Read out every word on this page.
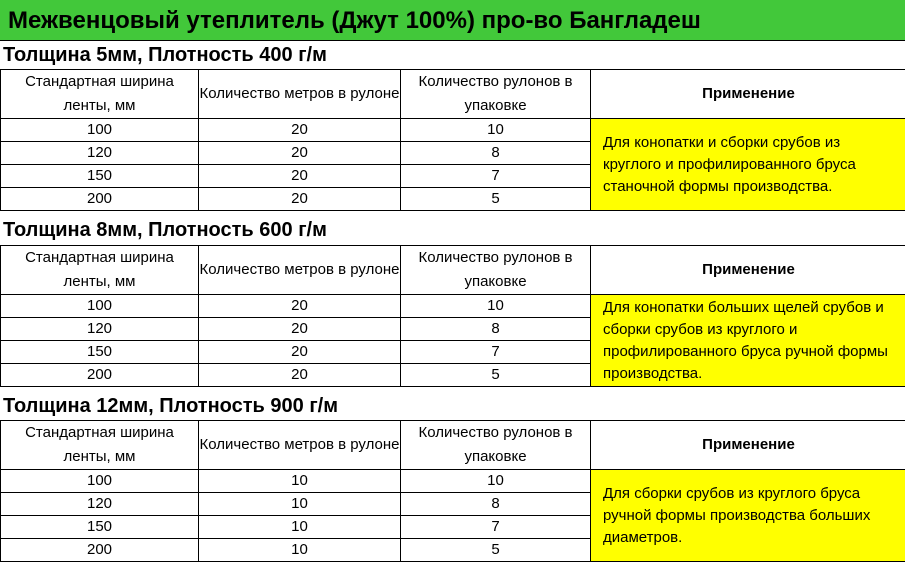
Межвенцовый утеплитель (Джут 100%) про-во Бангладеш
Толщина 5мм, Плотность 400 г/м
Стандартная ширина ленты, мм	Количество метров в рулоне	Количество рулонов в упаковке	Применение
100	20	10	Для конопатки и сборки срубов из круглого и профилированного бруса станочной формы производства.
120	20	8	
150	20	7	
200	20	5	
Толщина 8мм, Плотность 600 г/м
Стандартная ширина ленты, мм	Количество метров в рулоне	Количество рулонов в упаковке	Применение
100	20	10	Для конопатки больших щелей срубов и сборки срубов из круглого и профилированного бруса ручной формы производства.
120	20	8	
150	20	7	
200	20	5	
Толщина 12мм, Плотность 900 г/м
Стандартная ширина ленты, мм	Количество метров в рулоне	Количество рулонов в упаковке	Применение
100	10	10	Для сборки срубов из круглого бруса ручной формы производства больших диаметров.
120	10	8	
150	10	7	
200	10	5	
